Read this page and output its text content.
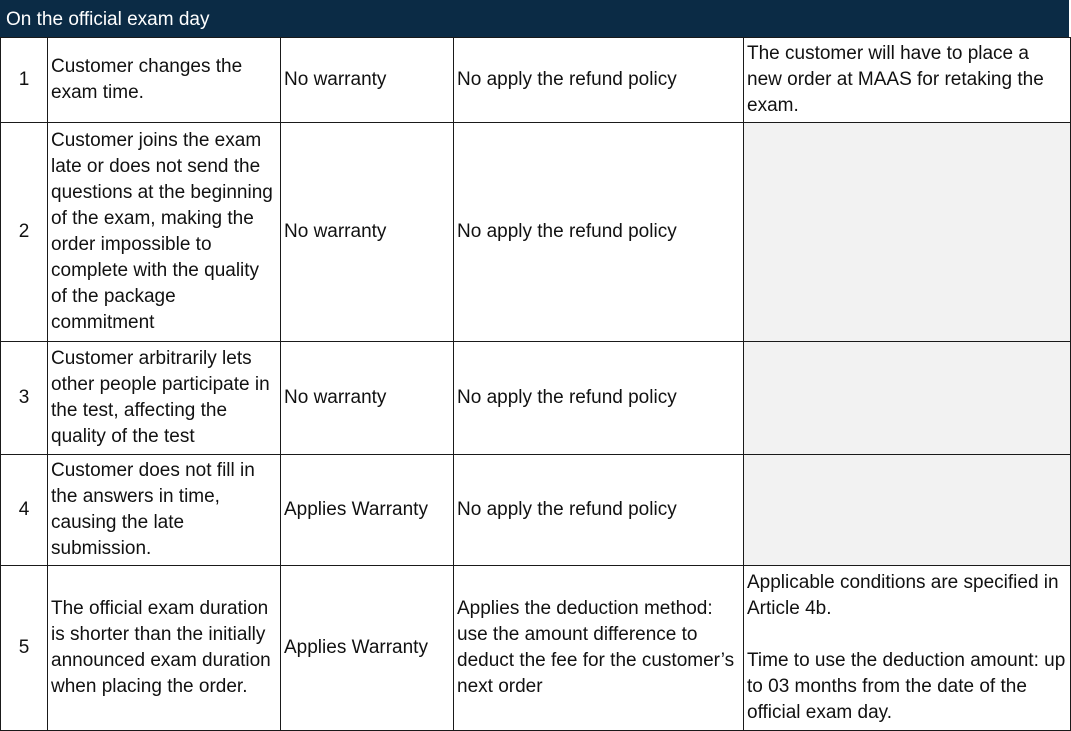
On the official exam day
1	Customer changes the exam time.	No warranty	No apply the refund policy	The customer will have to place a new order at MAAS for retaking the exam.
2	Customer joins the exam late or does not send the questions at the beginning of the exam, making the order impossible to complete with the quality of the package commitment	No warranty	No apply the refund policy	
3	Customer arbitrarily lets other people participate in the test, affecting the quality of the test	No warranty	No apply the refund policy	
4	Customer does not fill in the answers in time, causing the late submission.	Applies Warranty	No apply the refund policy	
5	The official exam duration is shorter than the initially announced exam duration when placing the order.	Applies Warranty	Applies the deduction method: use the amount difference to deduct the fee for the customer’s next order	Applicable conditions are specified in Article 4b.

Time to use the deduction amount: up to 03 months from the date of the official exam day.
